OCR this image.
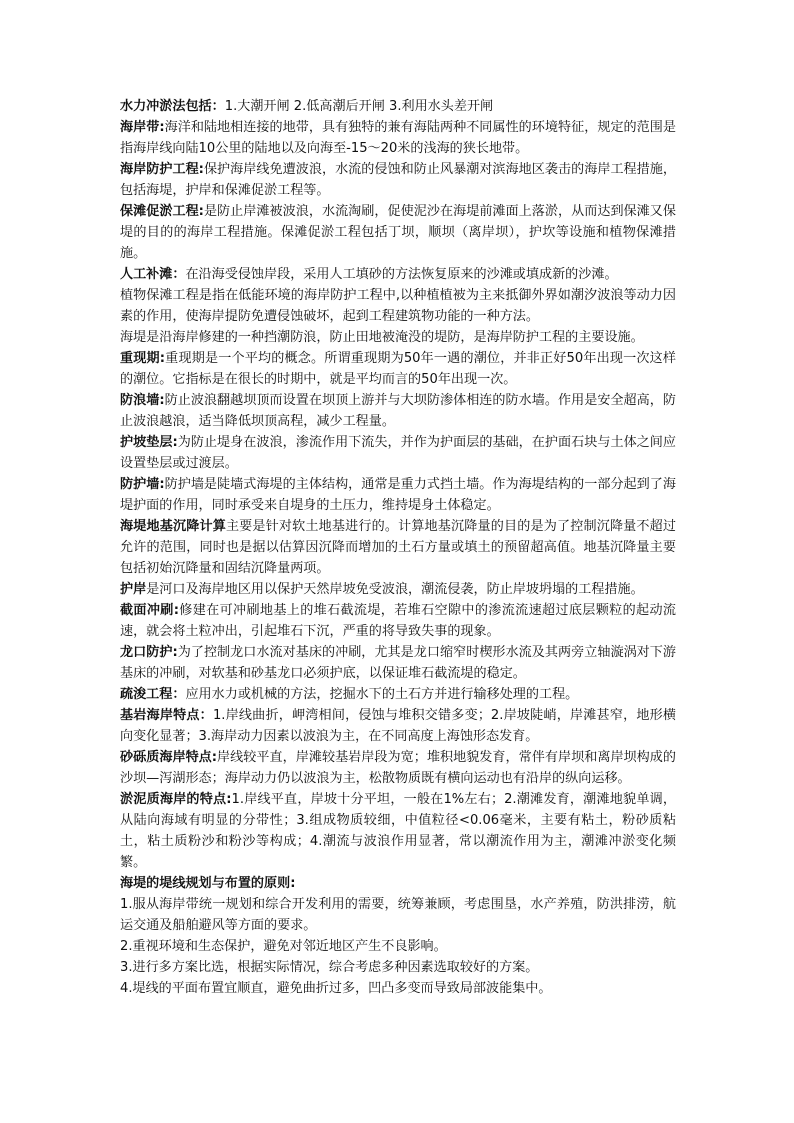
水力冲淤法包括：1.大潮开闸 2.低高潮后开闸 3.利用水头差开闸

海岸带:海洋和陆地相连接的地带，具有独特的兼有海陆两种不同属性的环境特征，规定的范围是指海岸线向陆10公里的陆地以及向海至-15～20米的浅海的狭长地带。

海岸防护工程:保护海岸线免遭波浪，水流的侵蚀和防止风暴潮对滨海地区袭击的海岸工程措施，包括海堤，护岸和保滩促淤工程等。

保滩促淤工程:是防止岸滩被波浪，水流淘刷，促使泥沙在海堤前滩面上落淤，从而达到保滩又保堤的目的的海岸工程措施。保滩促淤工程包括丁坝，顺坝（离岸坝），护坎等设施和植物保滩措施。

人工补滩：在沿海受侵蚀岸段，采用人工填砂的方法恢复原来的沙滩或填成新的沙滩。

植物保滩工程是指在低能环境的海岸防护工程中,以种植植被为主来抵御外界如潮汐波浪等动力因素的作用，使海岸提防免遭侵蚀破坏，起到工程建筑物功能的一种方法。

海堤是沿海岸修建的一种挡潮防浪，防止田地被淹没的堤防，是海岸防护工程的主要设施。

重现期:重现期是一个平均的概念。所谓重现期为50年一遇的潮位，并非正好50年出现一次这样的潮位。它指标是在很长的时期中，就是平均而言的50年出现一次。

防浪墙:防止波浪翻越坝顶而设置在坝顶上游并与大坝防渗体相连的防水墙。作用是安全超高，防止波浪越浪，适当降低坝顶高程，减少工程量。

护坡垫层:为防止堤身在波浪，渗流作用下流失，并作为护面层的基础，在护面石块与土体之间应设置垫层或过渡层。

防护墙:防护墙是陡墙式海堤的主体结构，通常是重力式挡土墙。作为海堤结构的一部分起到了海堤护面的作用，同时承受来自堤身的土压力，维持堤身土体稳定。

海堤地基沉降计算主要是针对软土地基进行的。计算地基沉降量的目的是为了控制沉降量不超过允许的范围，同时也是据以估算因沉降而增加的土石方量或填土的预留超高值。地基沉降量主要包括初始沉降量和固结沉降量两项。

护岸是河口及海岸地区用以保护天然岸坡免受波浪，潮流侵袭，防止岸坡坍塌的工程措施。

截面冲刷:修建在可冲刷地基上的堆石截流堤，若堆石空隙中的渗流流速超过底层颗粒的起动流速，就会将土粒冲出，引起堆石下沉，严重的将导致失事的现象。

龙口防护:为了控制龙口水流对基床的冲刷，尤其是龙口缩窄时楔形水流及其两旁立轴漩涡对下游基床的冲刷，对软基和砂基龙口必须护底，以保证堆石截流堤的稳定。

疏浚工程：应用水力或机械的方法，挖掘水下的土石方并进行输移处理的工程。

基岩海岸特点：1.岸线曲折，岬湾相间，侵蚀与堆积交错多变；2.岸坡陡峭，岸滩甚窄，地形横向变化显著；3.海岸动力因素以波浪为主，在不同高度上海蚀形态发育。

砂砾质海岸特点:岸线较平直，岸滩较基岩岸段为宽；堆积地貌发育，常伴有岸坝和离岸坝构成的沙坝—泻湖形态；海岸动力仍以波浪为主，松散物质既有横向运动也有沿岸的纵向运移。

淤泥质海岸的特点:1.岸线平直，岸坡十分平坦，一般在1%左右；2.潮滩发育，潮滩地貌单调，从陆向海域有明显的分带性；3.组成物质较细，中值粒径<0.06毫米，主要有粘土，粉砂质粘土，粘土质粉沙和粉沙等构成；4.潮流与波浪作用显著，常以潮流作用为主，潮滩冲淤变化频繁。

海堤的堤线规划与布置的原则:

1.服从海岸带统一规划和综合开发利用的需要，统筹兼顾，考虑围垦，水产养殖，防洪排涝，航运交通及船舶避风等方面的要求。

2.重视环境和生态保护，避免对邻近地区产生不良影响。

3.进行多方案比选，根据实际情况，综合考虑多种因素选取较好的方案。

4.堤线的平面布置宜顺直，避免曲折过多，凹凸多变而导致局部波能集中。
